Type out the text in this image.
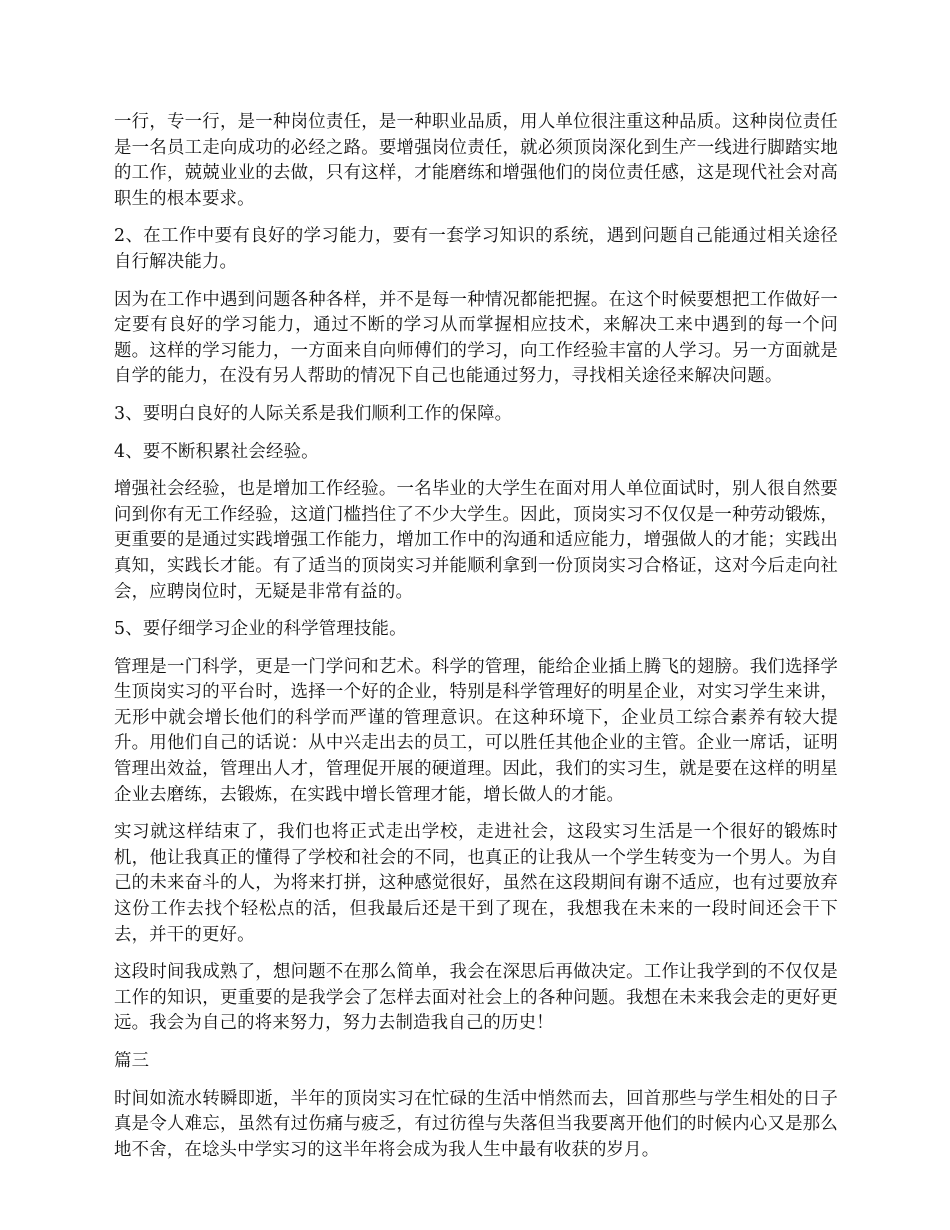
一行，专一行，是一种岗位责任，是一种职业品质，用人单位很注重这种品质。这种岗位责任是一名员工走向成功的必经之路。要增强岗位责任，就必须顶岗深化到生产一线进行脚踏实地的工作，兢兢业业的去做，只有这样，才能磨练和增强他们的岗位责任感，这是现代社会对高职生的根本要求。

2、在工作中要有良好的学习能力，要有一套学习知识的系统，遇到问题自己能通过相关途径自行解决能力。

因为在工作中遇到问题各种各样，并不是每一种情况都能把握。在这个时候要想把工作做好一定要有良好的学习能力，通过不断的学习从而掌握相应技术，来解决工来中遇到的每一个问题。这样的学习能力，一方面来自向师傅们的学习，向工作经验丰富的人学习。另一方面就是自学的能力，在没有另人帮助的情况下自己也能通过努力，寻找相关途径来解决问题。

3、要明白良好的人际关系是我们顺利工作的保障。

4、要不断积累社会经验。

增强社会经验，也是增加工作经验。一名毕业的大学生在面对用人单位面试时，别人很自然要问到你有无工作经验，这道门槛挡住了不少大学生。因此，顶岗实习不仅仅是一种劳动锻炼，更重要的是通过实践增强工作能力，增加工作中的沟通和适应能力，增强做人的才能；实践出真知，实践长才能。有了适当的顶岗实习并能顺利拿到一份顶岗实习合格证，这对今后走向社会，应聘岗位时，无疑是非常有益的。

5、要仔细学习企业的科学管理技能。

管理是一门科学，更是一门学问和艺术。科学的管理，能给企业插上腾飞的翅膀。我们选择学生顶岗实习的平台时，选择一个好的企业，特别是科学管理好的明星企业，对实习学生来讲，无形中就会增长他们的科学而严谨的管理意识。在这种环境下，企业员工综合素养有较大提升。用他们自己的话说：从中兴走出去的员工，可以胜任其他企业的主管。企业一席话，证明管理出效益，管理出人才，管理促开展的硬道理。因此，我们的实习生，就是要在这样的明星企业去磨练，去锻炼，在实践中增长管理才能，增长做人的才能。

实习就这样结束了，我们也将正式走出学校，走进社会，这段实习生活是一个很好的锻炼时机，他让我真正的懂得了学校和社会的不同，也真正的让我从一个学生转变为一个男人。为自己的未来奋斗的人，为将来打拼，这种感觉很好，虽然在这段期间有谢不适应，也有过要放弃这份工作去找个轻松点的活，但我最后还是干到了现在，我想我在未来的一段时间还会干下去，并干的更好。

这段时间我成熟了，想问题不在那么简单，我会在深思后再做决定。工作让我学到的不仅仅是工作的知识，更重要的是我学会了怎样去面对社会上的各种问题。我想在未来我会走的更好更远。我会为自己的将来努力，努力去制造我自己的历史！

篇三

时间如流水转瞬即逝，半年的顶岗实习在忙碌的生活中悄然而去，回首那些与学生相处的日子真是令人难忘，虽然有过伤痛与疲乏，有过彷徨与失落但当我要离开他们的时候内心又是那么地不舍，在埝头中学实习的这半年将会成为我人生中最有收获的岁月。
